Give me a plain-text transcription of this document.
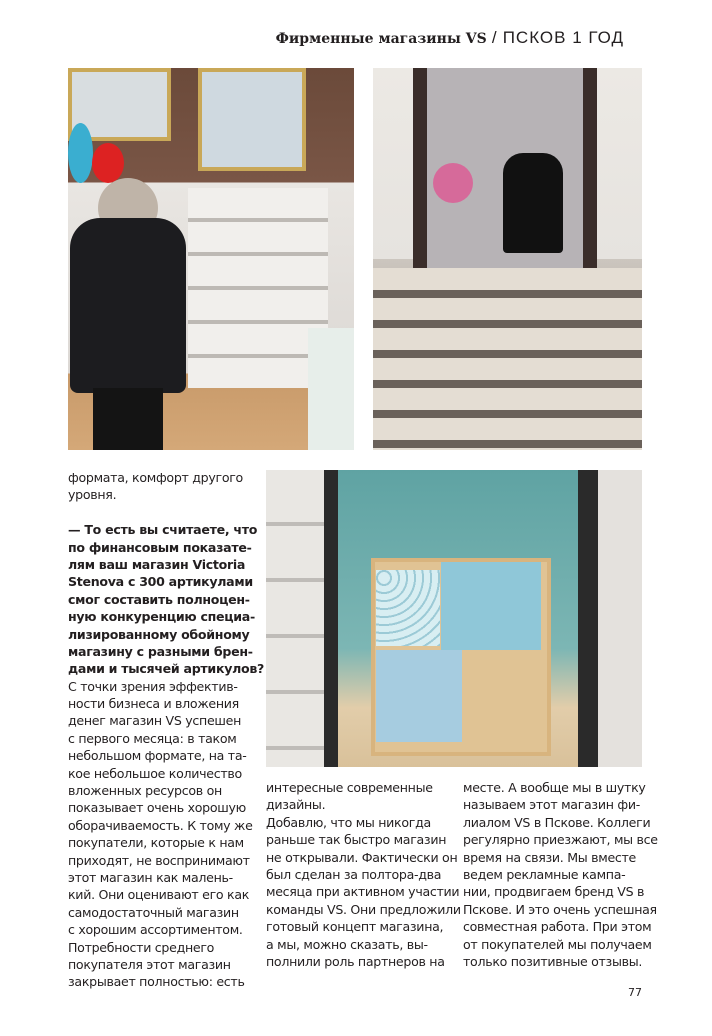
Фирменные магазины VS / ПСКОВ 1 ГОД
формата, комфорт другого
уровня.
— То есть вы считаете, что
по финансовым показате-
лям ваш магазин Victoria
Stenova с 300 артикулами
смог составить полноцен-
ную конкуренцию специа-
лизированному обойному
магазину с разными брен-
дами и тысячей артикулов?
С точки зрения эффектив-
ности бизнеса и вложения
денег магазин VS успешен
с первого месяца: в таком
небольшом формате, на та-
кое небольшое количество
вложенных ресурсов он
показывает очень хорошую
оборачиваемость. К тому же
покупатели, которые к нам
приходят, не воспринимают
этот магазин как малень-
кий. Они оценивают его как
самодостаточный магазин
с хорошим ассортиментом.
Потребности среднего
покупателя этот магазин
закрывает полностью: есть
интересные современные
дизайны.
Добавлю, что мы никогда
раньше так быстро магазин
не открывали. Фактически он
был сделан за полтора-два
месяца при активном участии
команды VS. Они предложили
готовый концепт магазина,
а мы, можно сказать, вы-
полнили роль партнеров на
месте. А вообще мы в шутку
называем этот магазин фи-
лиалом VS в Пскове. Коллеги
регулярно приезжают, мы все
время на связи. Мы вместе
ведем рекламные кампа-
нии, продвигаем бренд VS в
Пскове. И это очень успешная
совместная работа. При этом
от покупателей мы получаем
только позитивные отзывы.
77
